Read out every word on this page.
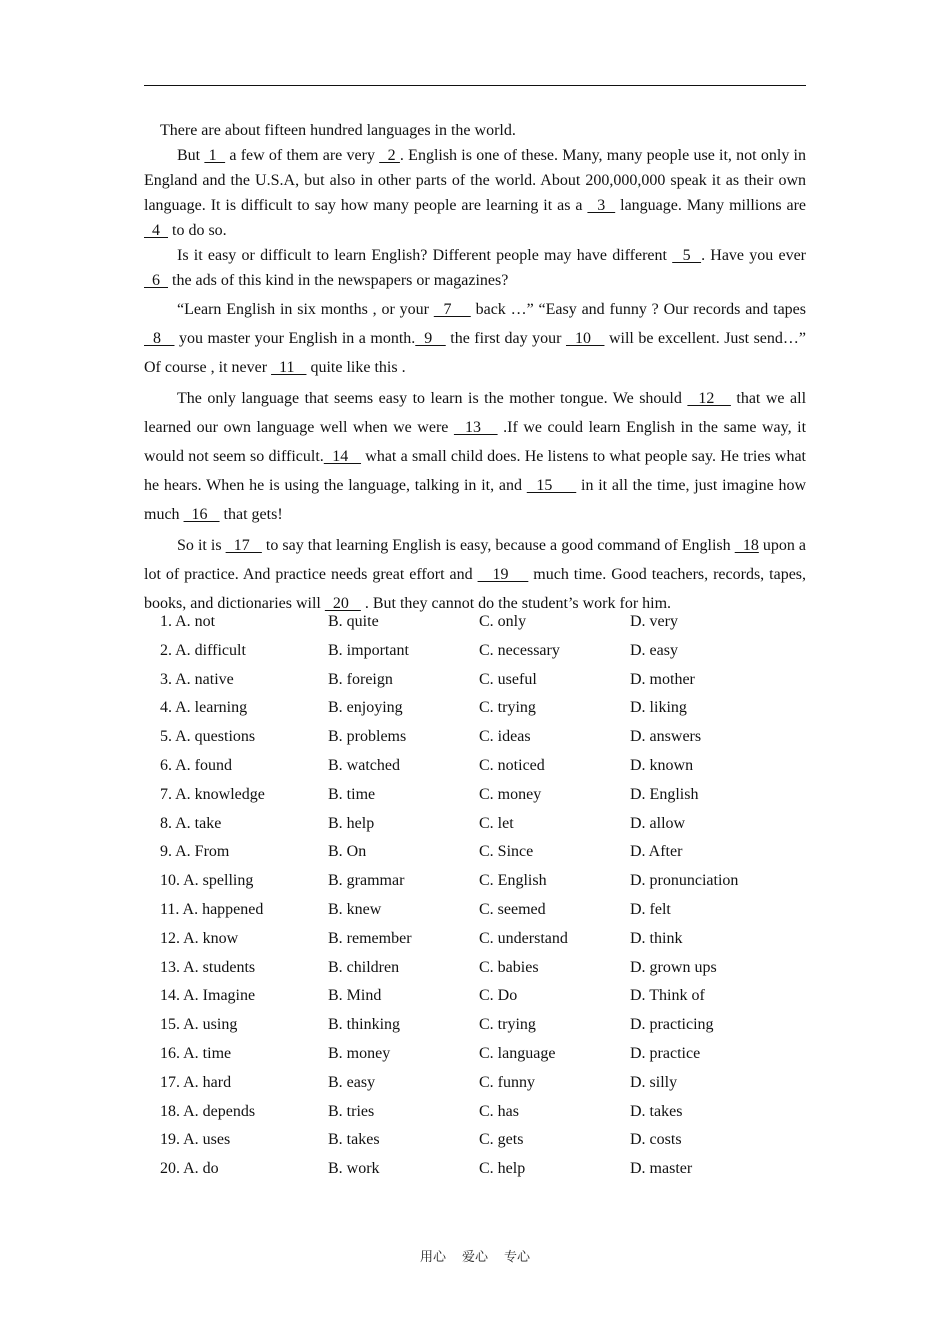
There are about fifteen hundred languages in the world.

But  1   a few of them are very   2 . English is one of these. Many, many people use it, not only in England and the U.S.A, but also in other parts of the world. About 200,000,000 speak it as their own language. It is difficult to say how many people are learning it as a   3   language. Many millions are   4   to do so.

Is it easy or difficult to learn English? Different people may have different   5  . Have you ever   6   the ads of this kind in the newspapers or magazines?

“Learn English in six months , or your   7     back …” “Easy and funny ? Our records and tapes   8    you master your English in a month.  9    the first day your   10    will be excellent. Just send…” Of course , it never   11    quite like this .

The only language that seems easy to learn is the mother tongue. We should   12    that we all learned our own language well when we were   13    .If we could learn English in the same way, it would not seem so difficult.  14    what a small child does. He listens to what people say. He tries what he hears. When he is using the language, talking in it, and   15      in it all the time, just imagine how much   16    that gets!

So it is   17    to say that learning English is easy, because a good command of English   18 upon a lot of practice. And practice needs great effort and    19     much time. Good teachers, records, tapes, books, and dictionaries will   20    . But they cannot do the student’s work for him.

1. A. not	B. quite	C. only	D. very
2. A. difficult	B. important	C. necessary	D. easy
3. A. native	B. foreign	C. useful	D. mother
4. A. learning	B. enjoying	C. trying	D. liking
5. A. questions	B. problems	C. ideas	D. answers
6. A. found	B. watched	C. noticed	D. known
7. A. knowledge	B. time	C. money	D. English
8. A. take	B. help	C. let	D. allow
9. A. From	B. On	C. Since	D. After
10. A. spelling	B. grammar	C. English	D. pronunciation
11. A. happened	B. knew	C. seemed	D. felt
12. A. know	B. remember	C. understand	D. think
13. A. students	B. children	C. babies	D. grown ups
14. A. Imagine	B. Mind	C. Do	D. Think of
15. A. using	B. thinking	C. trying	D. practicing
16. A. time	B. money	C. language	D. practice
17. A. hard	B. easy	C. funny	D. silly
18. A. depends	B. tries	C. has	D. takes
19. A. uses	B. takes	C. gets	D. costs
20. A. do	B. work	C. help	D. master
用心 爱心 专心
